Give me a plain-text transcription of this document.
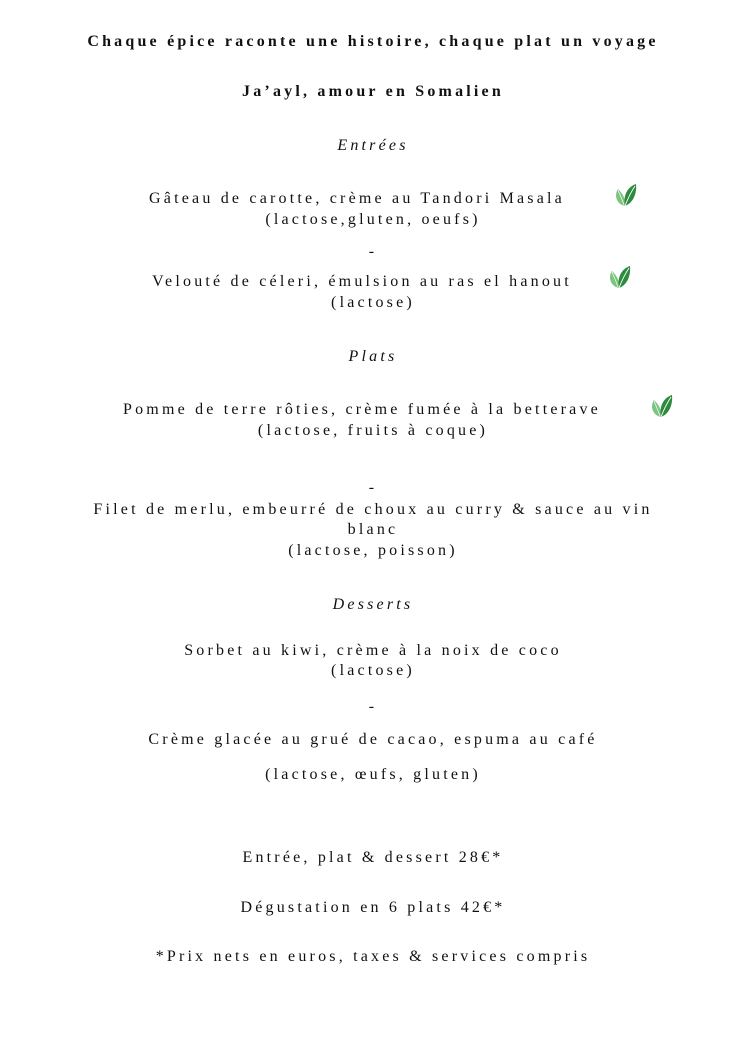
Chaque épice raconte une histoire, chaque plat un voyage
Ja’ayl, amour en Somalien
Entrées
Gâteau de carotte, crème au Tandori Masala
(lactose,gluten, oeufs)
-
Velouté de céleri, émulsion au ras el hanout
(lactose)
Plats
Pomme de terre rôties, crème fumée à la betterave
(lactose, fruits à coque)
-
Filet de merlu, embeurré de choux au curry & sauce au vin
blanc
(lactose, poisson)
Desserts
Sorbet au kiwi, crème à la noix de coco
(lactose)
-
Crème glacée au grué de cacao, espuma au café
(lactose, œufs, gluten)
Entrée, plat & dessert 28€*
Dégustation en 6 plats 42€*
*Prix nets en euros, taxes & services compris
